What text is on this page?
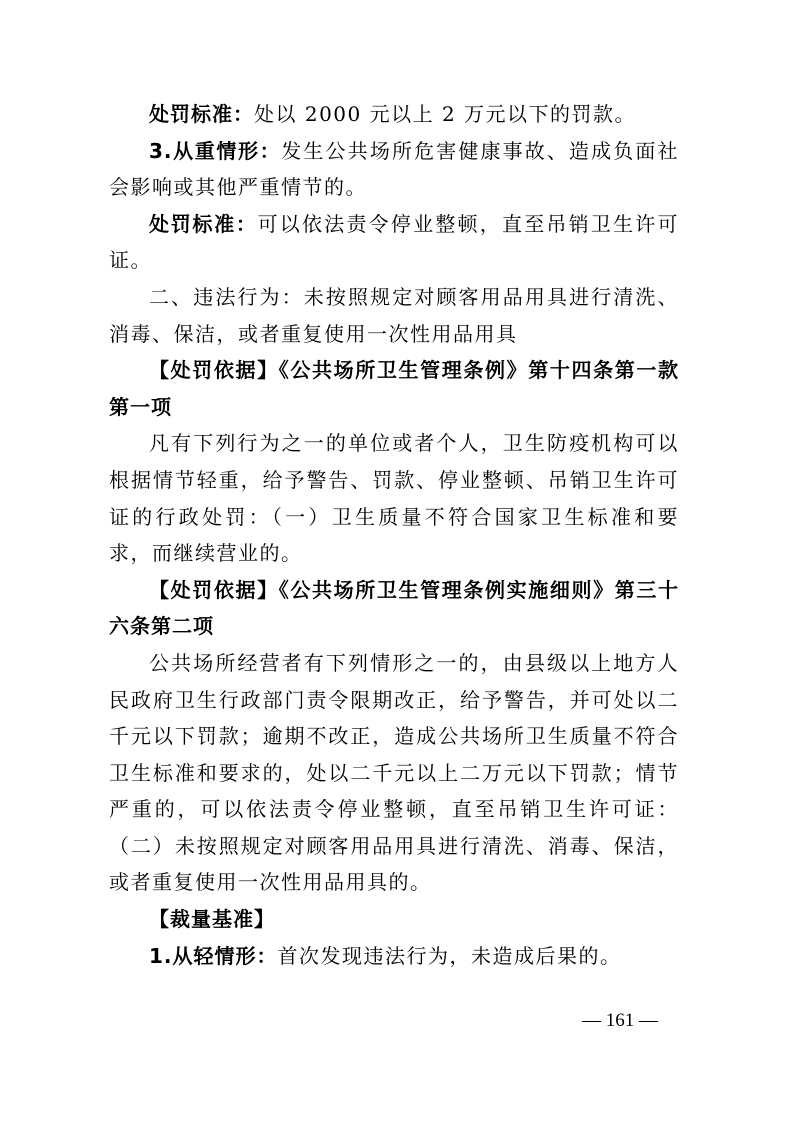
处罚标准：处以 2000 元以上 2 万元以下的罚款。

3.从重情形：发生公共场所危害健康事故、造成负面社会影响或其他严重情节的。

处罚标准：可以依法责令停业整顿，直至吊销卫生许可证。

二、违法行为：未按照规定对顾客用品用具进行清洗、消毒、保洁，或者重复使用一次性用品用具

【处罚依据】《公共场所卫生管理条例》第十四条第一款第一项

凡有下列行为之一的单位或者个人，卫生防疫机构可以根据情节轻重，给予警告、罚款、停业整顿、吊销卫生许可证的行政处罚：（一）卫生质量不符合国家卫生标准和要求，而继续营业的。

【处罚依据】《公共场所卫生管理条例实施细则》第三十六条第二项

公共场所经营者有下列情形之一的，由县级以上地方人民政府卫生行政部门责令限期改正，给予警告，并可处以二千元以下罚款；逾期不改正，造成公共场所卫生质量不符合卫生标准和要求的，处以二千元以上二万元以下罚款；情节严重的，可以依法责令停业整顿，直至吊销卫生许可证：（二）未按照规定对顾客用品用具进行清洗、消毒、保洁，或者重复使用一次性用品用具的。

【裁量基准】

1.从轻情形：首次发现违法行为，未造成后果的。

— 161 —
